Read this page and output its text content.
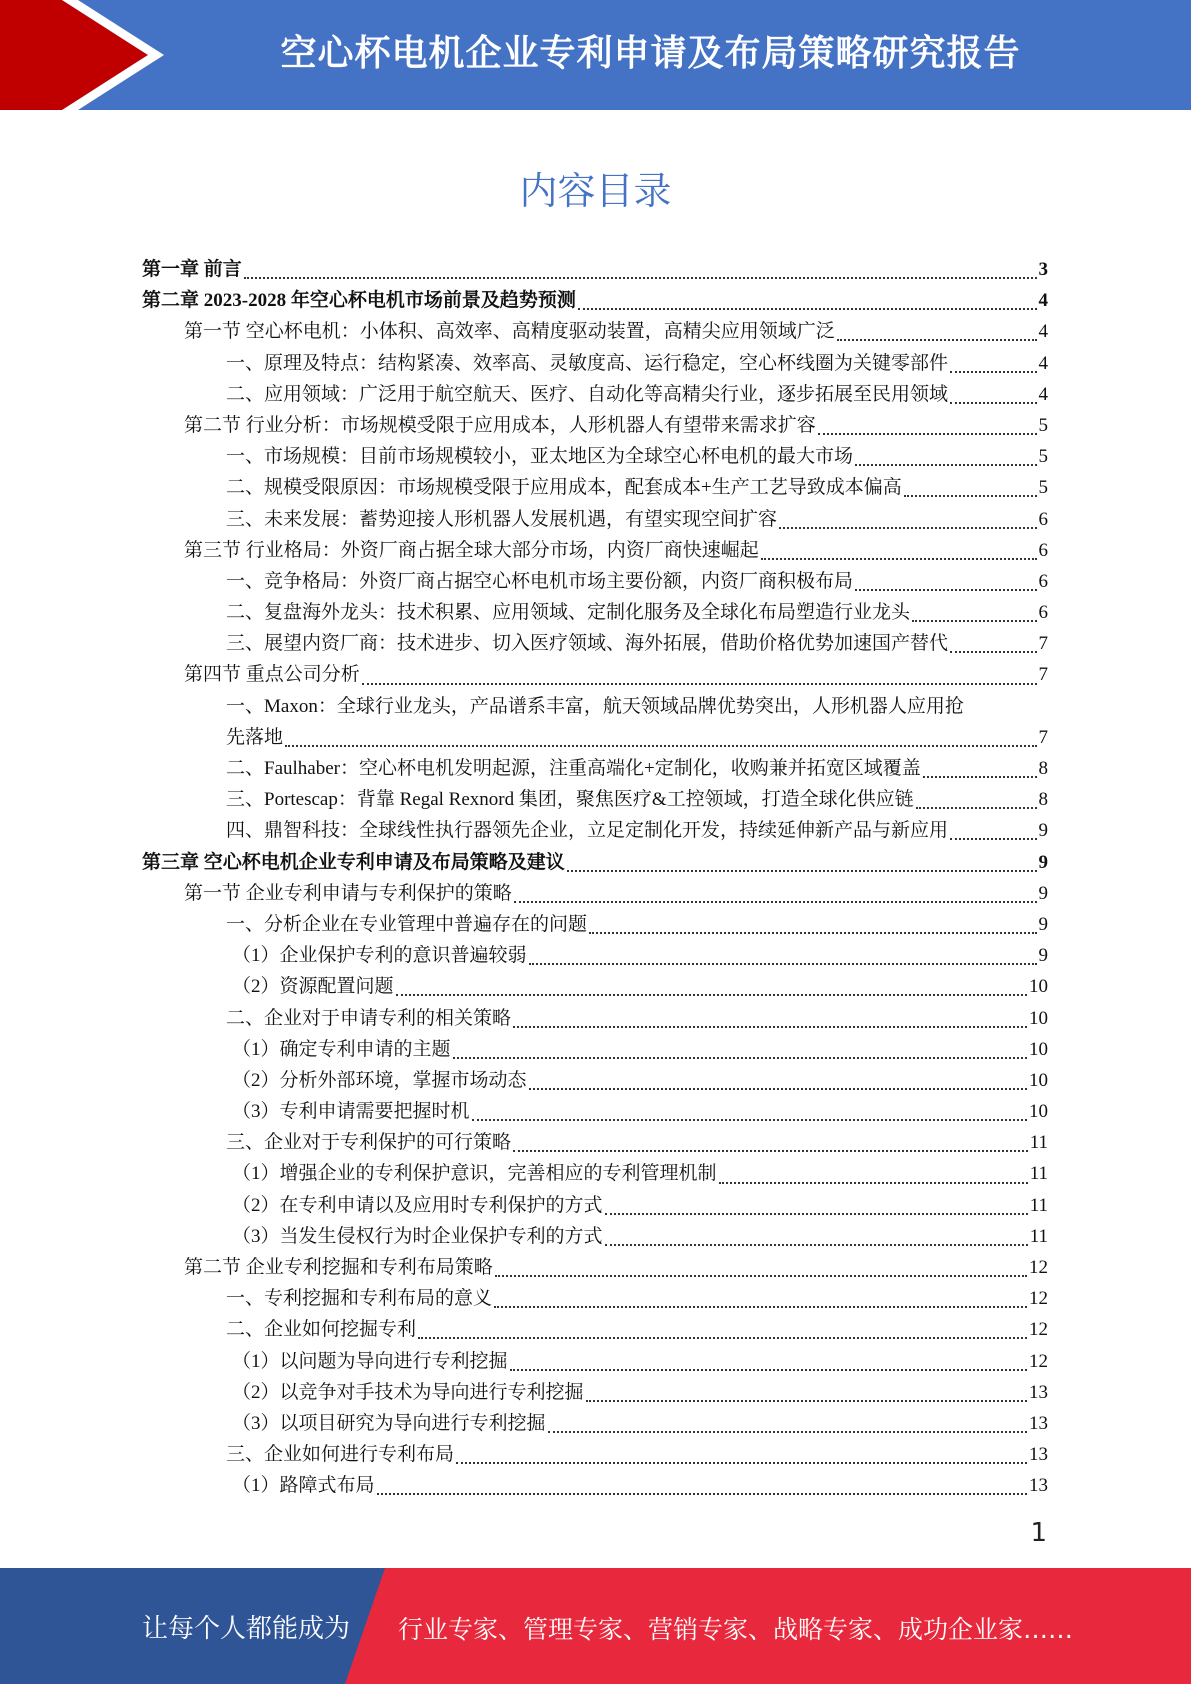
空心杯电机企业专利申请及布局策略研究报告
内容目录
第一章 前言	3
第二章 2023-2028 年空心杯电机市场前景及趋势预测	4
第一节 空心杯电机：小体积、高效率、高精度驱动装置，高精尖应用领域广泛	4
一、原理及特点：结构紧凑、效率高、灵敏度高、运行稳定，空心杯线圈为关键零部件	4
二、应用领域：广泛用于航空航天、医疗、自动化等高精尖行业，逐步拓展至民用领域	4
第二节 行业分析：市场规模受限于应用成本，人形机器人有望带来需求扩容	5
一、市场规模：目前市场规模较小，亚太地区为全球空心杯电机的最大市场	5
二、规模受限原因：市场规模受限于应用成本，配套成本+生产工艺导致成本偏高	5
三、未来发展：蓄势迎接人形机器人发展机遇，有望实现空间扩容	6
第三节 行业格局：外资厂商占据全球大部分市场，内资厂商快速崛起	6
一、竞争格局：外资厂商占据空心杯电机市场主要份额，内资厂商积极布局	6
二、复盘海外龙头：技术积累、应用领域、定制化服务及全球化布局塑造行业龙头	6
三、展望内资厂商：技术进步、切入医疗领域、海外拓展，借助价格优势加速国产替代	7
第四节 重点公司分析	7
一、Maxon：全球行业龙头，产品谱系丰富，航天领域品牌优势突出，人形机器人应用抢
先落地	7
二、Faulhaber：空心杯电机发明起源，注重高端化+定制化，收购兼并拓宽区域覆盖	8
三、Portescap：背靠 Regal Rexnord 集团，聚焦医疗&工控领域，打造全球化供应链	8
四、鼎智科技：全球线性执行器领先企业，立足定制化开发，持续延伸新产品与新应用	9
第三章 空心杯电机企业专利申请及布局策略及建议	9
第一节 企业专利申请与专利保护的策略	9
一、分析企业在专业管理中普遍存在的问题	9
（1）企业保护专利的意识普遍较弱	9
（2）资源配置问题	10
二、企业对于申请专利的相关策略	10
（1）确定专利申请的主题	10
（2）分析外部环境，掌握市场动态	10
（3）专利申请需要把握时机	10
三、企业对于专利保护的可行策略	11
（1）增强企业的专利保护意识，完善相应的专利管理机制	11
（2）在专利申请以及应用时专利保护的方式	11
（3）当发生侵权行为时企业保护专利的方式	11
第二节 企业专利挖掘和专利布局策略	12
一、专利挖掘和专利布局的意义	12
二、企业如何挖掘专利	12
（1）以问题为导向进行专利挖掘	12
（2）以竞争对手技术为导向进行专利挖掘	13
（3）以项目研究为导向进行专利挖掘	13
三、企业如何进行专利布局	13
（1）路障式布局	13
1
让每个人都能成为 行业专家、管理专家、营销专家、战略专家、成功企业家……
